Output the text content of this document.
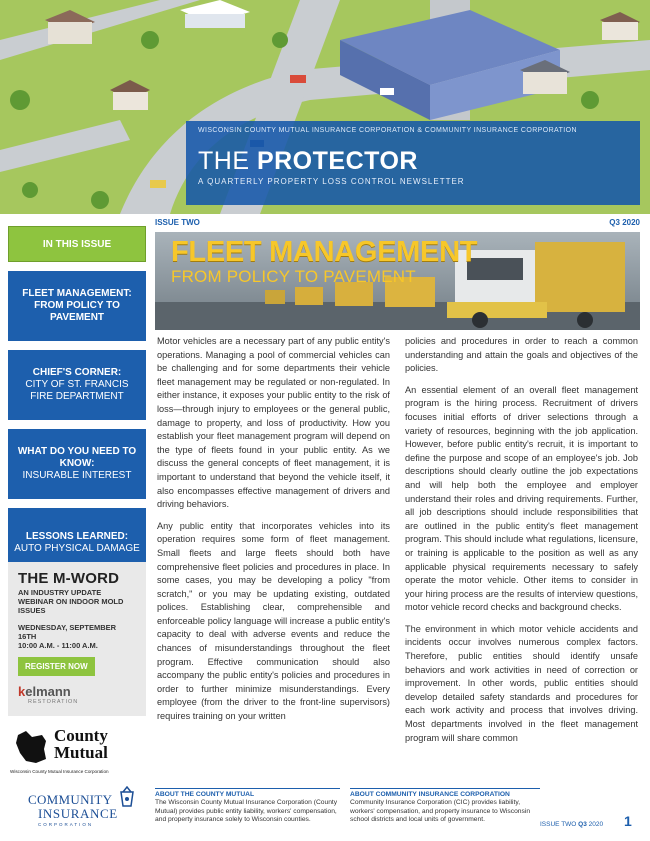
WISCONSIN COUNTY MUTUAL INSURANCE CORPORATION & COMMUNITY INSURANCE CORPORATION
THE PROTECTOR
A QUARTERLY PROPERTY LOSS CONTROL NEWSLETTER
IN THIS ISSUE
FLEET MANAGEMENT: FROM POLICY TO PAVEMENT
CHIEF'S CORNER:
CITY OF ST. FRANCIS FIRE DEPARTMENT
WHAT DO YOU NEED TO KNOW:
INSURABLE INTEREST
LESSONS LEARNED:
AUTO PHYSICAL DAMAGE
THE M-WORD
AN INDUSTRY UPDATE WEBINAR ON INDOOR MOLD ISSUES
WEDNESDAY, SEPTEMBER 16TH
10:00 A.M. - 11:00 A.M.
REGISTER NOW
kelmann
RESTORATION
County
Mutual
Wisconsin County Mutual Insurance Corporation
COMMUNITY
INSURANCE
CORPORATION
ISSUE TWO	Q3 2020
FLEET MANAGEMENT
FROM POLICY TO PAVEMENT

Motor vehicles are a necessary part of any public entity's operations. Managing a pool of commercial vehicles can be challenging and for some departments their vehicle fleet management may be regulated or non-regulated. In either instance, it exposes your public entity to the risk of loss—through injury to employees or the general public, damage to property, and loss of productivity. How you establish your fleet management program will depend on the type of fleets found in your public entity. As we discuss the general concepts of fleet management, it is important to understand that beyond the vehicle itself, it also encompasses effective management of drivers and driving behaviors.

Any public entity that incorporates vehicles into its operation requires some form of fleet management. Small fleets and large fleets should both have comprehensive fleet policies and procedures in place. In some cases, you may be developing a policy "from scratch," or you may be updating existing, outdated polices. Establishing clear, comprehensible and enforceable policy language will increase a public entity's capacity to deal with adverse events and reduce the chances of misunderstandings throughout the fleet program. Effective communication should also accompany the public entity's policies and procedures in order to further minimize misunderstandings. Every employee (from the driver to the front-line supervisors) requires training on your written

policies and procedures in order to reach a common understanding and attain the goals and objectives of the policies.

An essential element of an overall fleet management program is the hiring process. Recruitment of drivers focuses initial efforts of driver selections through a variety of resources, beginning with the job application. However, before public entity's recruit, it is important to define the purpose and scope of an employee's job. Job descriptions should clearly outline the job expectations and will help both the employee and employer understand their roles and driving requirements. Further, all job descriptions should include responsibilities that are outlined in the public entity's fleet management program. This should include what regulations, licensure, or training is applicable to the position as well as any applicable physical requirements necessary to safely operate the motor vehicle. Other items to consider in your hiring process are the results of interview questions, motor vehicle record checks and background checks.

The environment in which motor vehicle accidents and incidents occur involves numerous complex factors. Therefore, public entities should identify unsafe behaviors and work activities in need of correction or improvement. In other words, public entities should develop detailed safety standards and procedures for each work activity and process that involves driving. Most departments involved in the fleet management program will share common

ABOUT THE COUNTY MUTUAL
The Wisconsin County Mutual Insurance Corporation (County Mutual) provides public entity liability, workers' compensation, and property insurance solely to Wisconsin counties.
ABOUT COMMUNITY INSURANCE CORPORATION
Community Insurance Corporation (CIC) provides liability, workers' compensation, and property insurance to Wisconsin school districts and local units of government.
ISSUE TWO Q3 2020 1
